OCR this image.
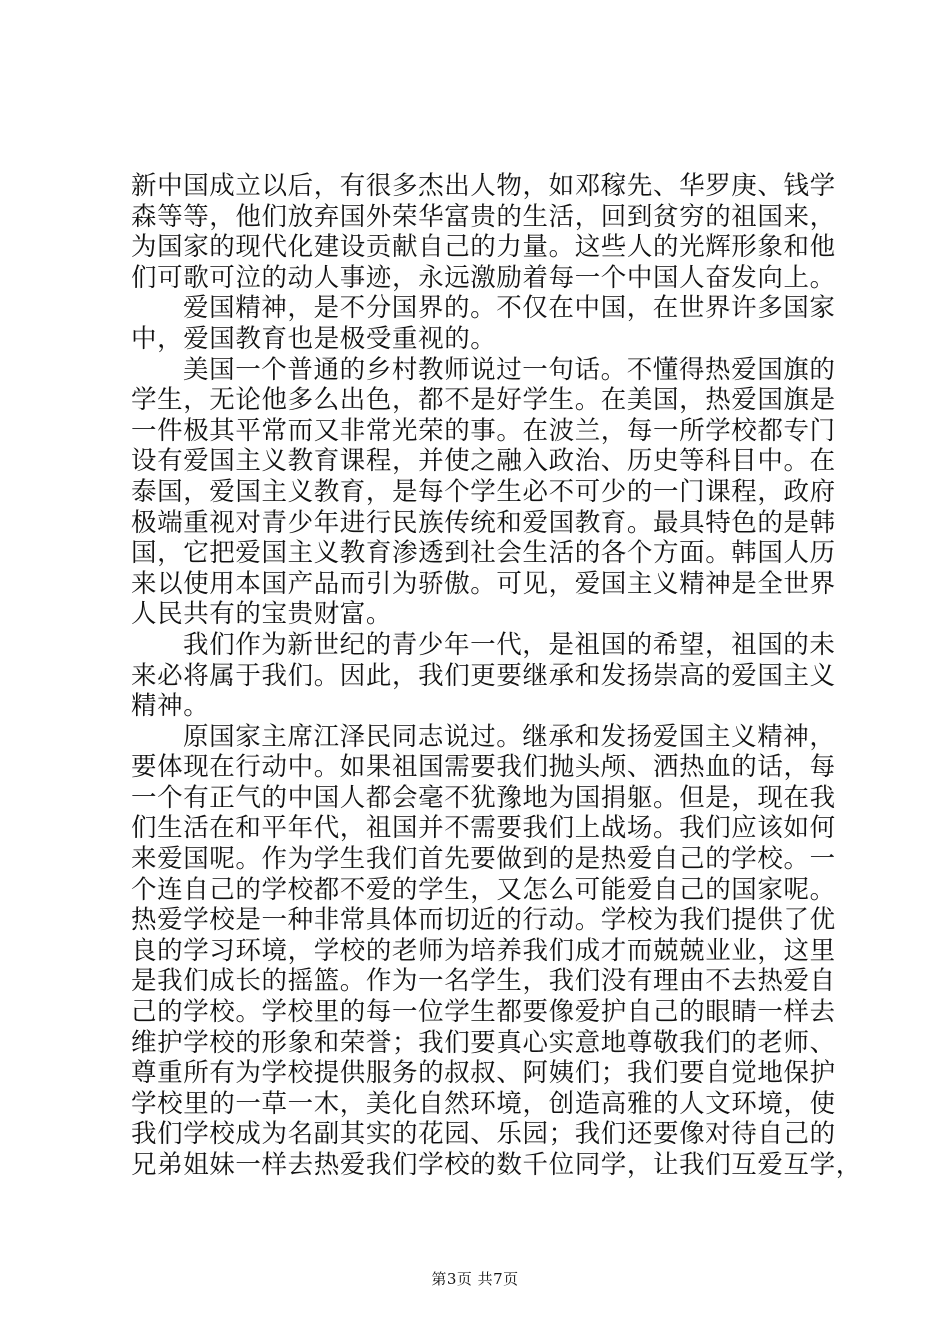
新中国成立以后，有很多杰出人物，如邓稼先、华罗庚、钱学
森等等，他们放弃国外荣华富贵的生活，回到贫穷的祖国来，
为国家的现代化建设贡献自己的力量。这些人的光辉形象和他
们可歌可泣的动人事迹，永远激励着每一个中国人奋发向上。
爱国精神，是不分国界的。不仅在中国，在世界许多国家
中，爱国教育也是极受重视的。
美国一个普通的乡村教师说过一句话。不懂得热爱国旗的
学生，无论他多么出色，都不是好学生。在美国，热爱国旗是
一件极其平常而又非常光荣的事。在波兰，每一所学校都专门
设有爱国主义教育课程，并使之融入政治、历史等科目中。在
泰国，爱国主义教育，是每个学生必不可少的一门课程，政府
极端重视对青少年进行民族传统和爱国教育。最具特色的是韩
国，它把爱国主义教育渗透到社会生活的各个方面。韩国人历
来以使用本国产品而引为骄傲。可见，爱国主义精神是全世界
人民共有的宝贵财富。
我们作为新世纪的青少年一代，是祖国的希望，祖国的未
来必将属于我们。因此，我们更要继承和发扬崇高的爱国主义
精神。
原国家主席江泽民同志说过。继承和发扬爱国主义精神，
要体现在行动中。如果祖国需要我们抛头颅、洒热血的话，每
一个有正气的中国人都会毫不犹豫地为国捐躯。但是，现在我
们生活在和平年代，祖国并不需要我们上战场。我们应该如何
来爱国呢。作为学生我们首先要做到的是热爱自己的学校。一
个连自己的学校都不爱的学生，又怎么可能爱自己的国家呢。
热爱学校是一种非常具体而切近的行动。学校为我们提供了优
良的学习环境，学校的老师为培养我们成才而兢兢业业，这里
是我们成长的摇篮。作为一名学生，我们没有理由不去热爱自
己的学校。学校里的每一位学生都要像爱护自己的眼睛一样去
维护学校的形象和荣誉；我们要真心实意地尊敬我们的老师、
尊重所有为学校提供服务的叔叔、阿姨们；我们要自觉地保护
学校里的一草一木，美化自然环境，创造高雅的人文环境，使
我们学校成为名副其实的花园、乐园；我们还要像对待自己的
兄弟姐妹一样去热爱我们学校的数千位同学，让我们互爱互学，
第3页 共7页
